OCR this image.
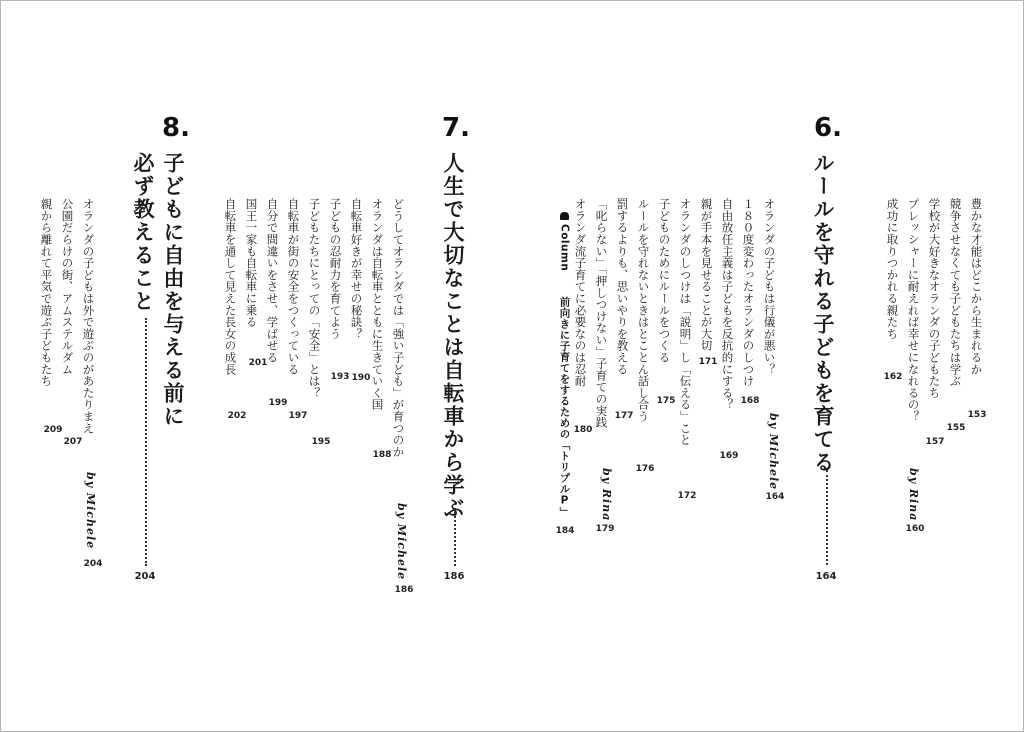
6.
ルールを守れる子どもを育てる
164
豊かな才能はどこから生まれるか
153
競争させなくても子どもたちは学ぶ
155
学校が大好きなオランダの子どもたち
157
プレッシャーに耐えれば幸せになれるの？
by Rina
160
成功に取りつかれる親たち
162
by Michele
164
オランダの子どもは行儀が悪い？
168
１８０度変わったオランダのしつけ
自由放任主義は子どもを反抗的にする？
169
親が手本を見せることが大切
171
オランダのしつけは「説明」し「伝える」こと
172
子どものためにルールをつくる
175
ルールを守れないときはとことん話し合う
176
罰するよりも、思いやりを教える
177
by Rina
「叱らない」「押しつけない」子育ての実践
179
オランダ流子育てに必要なのは忍耐
180
Column  前向きに子育てをするための「トリプルP」
184
7.
人生で大切なことは自転車から学ぶ
186
by Michele
186
どうしてオランダでは「強い子ども」が育つのか
オランダは自転車とともに生きていく国
188
自転車好きが幸せの秘訣？
190
子どもの忍耐力を育てよう
193
子どもたちにとっての「安全」とは？
195
自転車が街の安全をつくっている
197
自分で間違いをさせ、学ばせる
199
国王一家も自転車に乗る
201
自転車を通して見えた長女の成長
202
8.
子どもに自由を与える前に
必ず教えること
204
by Michele
204
オランダの子どもは外で遊ぶのがあたりまえ
公園だらけの街、アムステルダム
207
親から離れて平気で遊ぶ子どもたち
209
